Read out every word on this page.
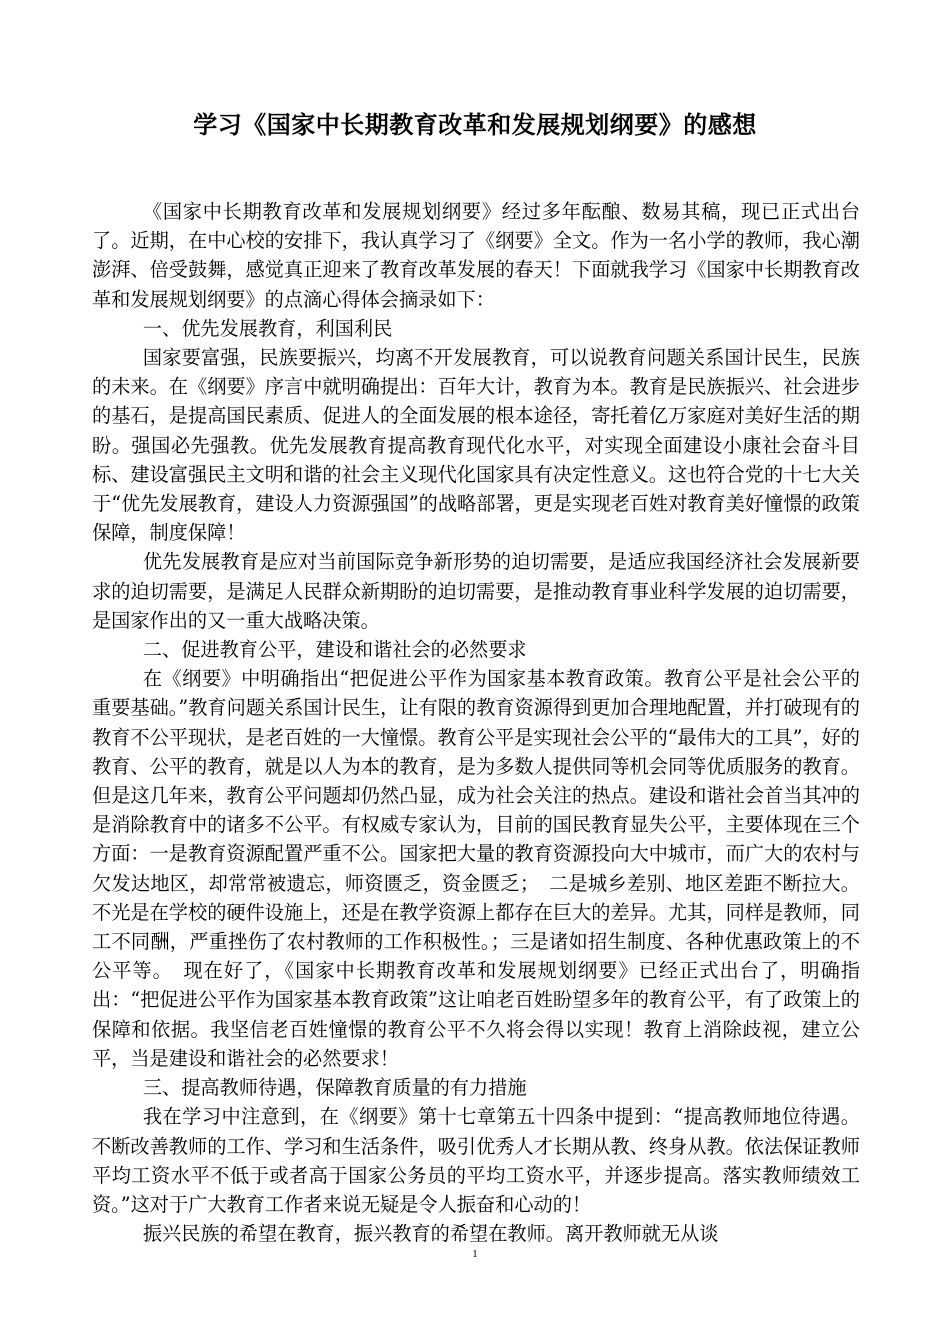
学习《国家中长期教育改革和发展规划纲要》的感想

《国家中长期教育改革和发展规划纲要》经过多年酝酿、数易其稿，现已正式出台了。近期，在中心校的安排下，我认真学习了《纲要》全文。作为一名小学的教师，我心潮澎湃、倍受鼓舞，感觉真正迎来了教育改革发展的春天！下面就我学习《国家中长期教育改革和发展规划纲要》的点滴心得体会摘录如下：

一、优先发展教育，利国利民

国家要富强，民族要振兴，均离不开发展教育，可以说教育问题关系国计民生，民族的未来。在《纲要》序言中就明确提出：百年大计，教育为本。教育是民族振兴、社会进步的基石，是提高国民素质、促进人的全面发展的根本途径，寄托着亿万家庭对美好生活的期盼。强国必先强教。优先发展教育提高教育现代化水平，对实现全面建设小康社会奋斗目标、建设富强民主文明和谐的社会主义现代化国家具有决定性意义。这也符合党的十七大关于“优先发展教育，建设人力资源强国”的战略部署，更是实现老百姓对教育美好憧憬的政策保障，制度保障！

优先发展教育是应对当前国际竞争新形势的迫切需要，是适应我国经济社会发展新要求的迫切需要，是满足人民群众新期盼的迫切需要，是推动教育事业科学发展的迫切需要，是国家作出的又一重大战略决策。

二、促进教育公平，建设和谐社会的必然要求

在《纲要》中明确指出“把促进公平作为国家基本教育政策。教育公平是社会公平的重要基础。”教育问题关系国计民生，让有限的教育资源得到更加合理地配置，并打破现有的教育不公平现状，是老百姓的一大憧憬。教育公平是实现社会公平的“最伟大的工具”，好的教育、公平的教育，就是以人为本的教育，是为多数人提供同等机会同等优质服务的教育。但是这几年来，教育公平问题却仍然凸显，成为社会关注的热点。建设和谐社会首当其冲的是消除教育中的诸多不公平。有权威专家认为，目前的国民教育显失公平，主要体现在三个方面：一是教育资源配置严重不公。国家把大量的教育资源投向大中城市，而广大的农村与欠发达地区，却常常被遗忘，师资匮乏，资金匮乏；　二是城乡差别、地区差距不断拉大。不光是在学校的硬件设施上，还是在教学资源上都存在巨大的差异。尤其，同样是教师，同工不同酬，严重挫伤了农村教师的工作积极性。；三是诸如招生制度、各种优惠政策上的不公平等。　现在好了，《国家中长期教育改革和发展规划纲要》已经正式出台了，明确指出：“把促进公平作为国家基本教育政策”这让咱老百姓盼望多年的教育公平，有了政策上的保障和依据。我坚信老百姓憧憬的教育公平不久将会得以实现！教育上消除歧视，建立公平，当是建设和谐社会的必然要求！

三、提高教师待遇，保障教育质量的有力措施

我在学习中注意到，在《纲要》第十七章第五十四条中提到：“提高教师地位待遇。不断改善教师的工作、学习和生活条件，吸引优秀人才长期从教、终身从教。依法保证教师平均工资水平不低于或者高于国家公务员的平均工资水平，并逐步提高。落实教师绩效工资。”这对于广大教育工作者来说无疑是令人振奋和心动的！

振兴民族的希望在教育，振兴教育的希望在教师。离开教师就无从谈

1
